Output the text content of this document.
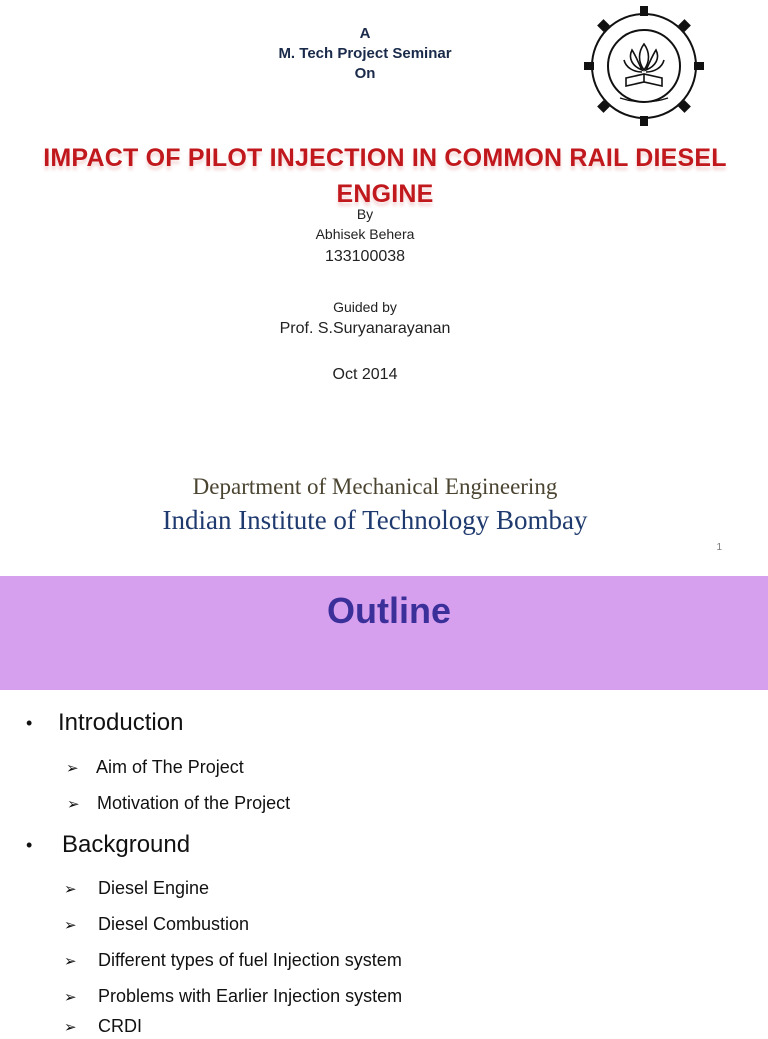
A
M. Tech Project Seminar
On
IMPACT OF PILOT INJECTION IN COMMON RAIL DIESEL
ENGINE
By
Abhisek Behera
133100038
Guided by
Prof. S.Suryanarayanan
Oct 2014
Department of Mechanical Engineering
Indian Institute of Technology Bombay
1
Outline
• Introduction
➢ Aim of The Project
➢ Motivation of the Project
• Background
➢ Diesel Engine
➢ Diesel Combustion
➢ Different types of fuel Injection system
➢ Problems with Earlier Injection system
➢ CRDI
